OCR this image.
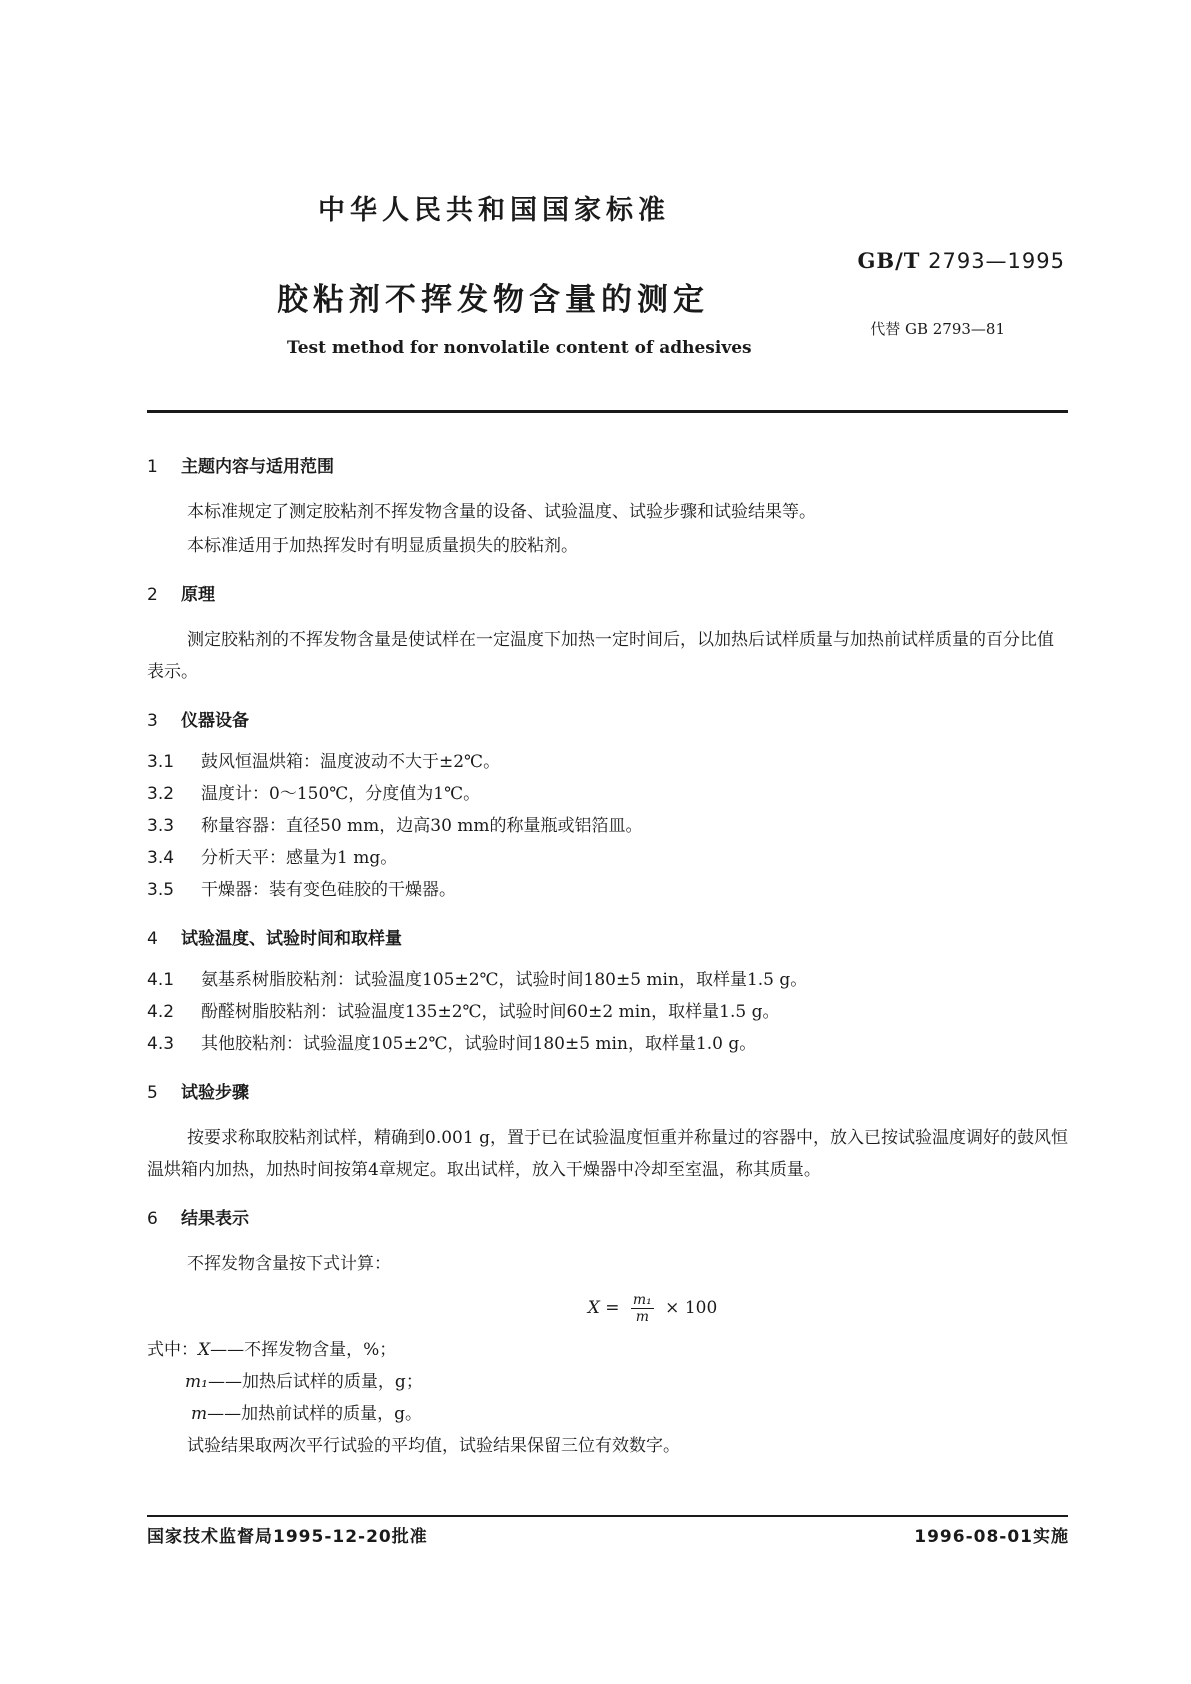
中华人民共和国国家标准
GB/T 2793—1995
胶粘剂不挥发物含量的测定
代替 GB 2793—81
Test method for nonvolatile content of adhesives
1 主题内容与适用范围

本标准规定了测定胶粘剂不挥发物含量的设备、试验温度、试验步骤和试验结果等。

本标准适用于加热挥发时有明显质量损失的胶粘剂。

2 原理

测定胶粘剂的不挥发物含量是使试样在一定温度下加热一定时间后，以加热后试样质量与加热前试样质量的百分比值表示。

3 仪器设备

3.1 鼓风恒温烘箱：温度波动不大于±2℃。

3.2 温度计：0～150℃，分度值为1℃。

3.3 称量容器：直径50 mm，边高30 mm的称量瓶或铝箔皿。

3.4 分析天平：感量为1 mg。

3.5 干燥器：装有变色硅胶的干燥器。

4 试验温度、试验时间和取样量

4.1 氨基系树脂胶粘剂：试验温度105±2℃，试验时间180±5 min，取样量1.5 g。

4.2 酚醛树脂胶粘剂：试验温度135±2℃，试验时间60±2 min，取样量1.5 g。

4.3 其他胶粘剂：试验温度105±2℃，试验时间180±5 min，取样量1.0 g。

5 试验步骤

按要求称取胶粘剂试样，精确到0.001 g，置于已在试验温度恒重并称量过的容器中，放入已按试验温度调好的鼓风恒温烘箱内加热，加热时间按第4章规定。取出试样，放入干燥器中冷却至室温，称其质量。

6 结果表示

不挥发物含量按下式计算：

$X = \frac{\text{m₁}}{m} \times 100$

式中：X——不挥发物含量，%；

m₁——加热后试样的质量，g；

m——加热前试样的质量，g。

试验结果取两次平行试验的平均值，试验结果保留三位有效数字。

国家技术监督局1995-12-20批准	1996-08-01实施
